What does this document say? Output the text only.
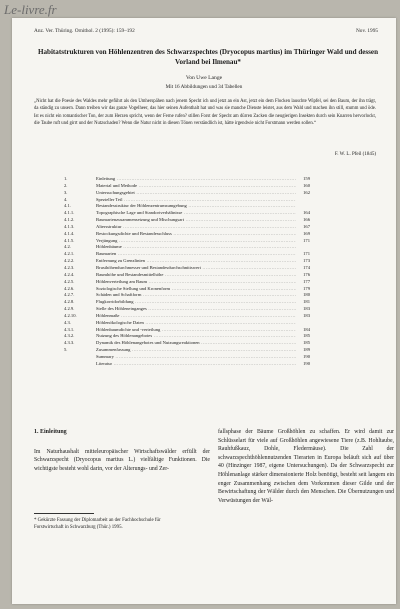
Le-livre.fr
Anz. Ver. Thüring. Ornithol. 2 (1995): 159–192	Nov. 1995
Habitatstrukturen von Höhlenzentren des Schwarzspechtes (Dryocopus martius) im Thüringer Wald und dessen Vorland bei Ilmenau*
Von Uwe Lange
Mit 16 Abbildungen und 34 Tabellen
„Nicht hat die Poesie des Waldes mehr geführt als den Umherspähen nach jenem Specht ich und jetzt an ein Ast, jetzt ein dem Flocken lauschte Wipfel, sei den Baum, der ihn trägt, da ständig zu unsern. Dann treiben wir das ganze Vogelheer, das hier seinen Aufenthalt hat und was sie manche Dienste leistet, aus dem Wald und machen ihn still, stumm und öde. Ist es nicht ein romantischer Ton, der zum Herzen spricht, wenn der Ferne rufen? stillen Forst der Specht am dürren Zacken die neugierigen Insekten durch sein Knarren hervorlockt, die Taube ruft und girrt und der Nutzschaden? Wenn die Natur nicht in diesen Tönen verständlich ist, hätte irgendwie nicht Forstmann werden sollen.“
F. W. L. Pfeil (1845)
1.	Einleitung .....	159
2.	Material und Methode .....	160
3.	Untersuchungsgebiet .....	162
4.	Spezieller Teil .....
4.1.	Bestandesstruktur der Höhlenzentrumsumgebung .....
4.1.1.	Topographische Lage und Standortverhältnisse .....	164
4.1.2.	Baumartenzusammensetzung und Mischungsart .....	166
4.1.3.	Altersstruktur .....	167
4.1.4.	Bestockungsdichte und Bestandesschluss .....	169
4.1.5.	Verjüngung .....	171
4.2.	Höhlenbäume .....
4.2.1.	Baumarten .....	171
4.2.2.	Entfernung zu Grenzlinien .....	173
4.2.3.	Brusthöhendurchmesser und Bestandesdurchschnittswert .....	174
4.2.4.	Baumhöhe und Bestandesmittelhöhe .....	176
4.2.5.	Höhlenverteilung am Baum .....	177
4.2.6.	Soziologische Stellung und Kronenform .....	179
4.2.7.	Schäden und Schaftform .....	180
4.2.8.	Flugkorridorbildung .....	181
4.2.9.	Stelle des Höhleneinganges .....	183
4.2.10.	Höhlenmaße .....	183
4.3.	Höhlenökologische Daten .....
4.3.1.	Höhlenbaumdichte und -verteilung .....	184
4.3.2.	Nutzung des Höhlenangebotes .....	185
4.3.3.	Dynamik des Höhlenangebotes und Nutzungsreaktionen .....	185
5.	Zusammenfassung .....	189
Summary .....	190
Literatur .....	190
1. Einleitung
Im Naturhaushalt mitteleuropäischer Wirtschaftswälder erfüllt der Schwarzspecht (Dryocopus martius L.) vielfältige Funktionen. Die wichtigste besteht wohl darin, vor der Alterungs- und Zer-
* Gekürzte Fassung der Diplomarbeit an der Fachhochschule für Forstwirtschaft in Schwarzburg (Thür.) 1995.
fallsphase der Bäume Großhöhlen zu schaffen. Er wird damit zur Schlüsselart für viele auf Großhöhlen angewiesene Tiere (z.B. Hohltaube, Rauhfußkauz, Dohle, Fledermäuse). Die Zahl der schwarzspechthöhlennutzenden Tierarten in Europa beläuft sich auf über 40 (Hinzinger 1987, eigene Untersuchungen). Da der Schwarzspecht zur Höhlenanlage stärker dimensionierte Holz benötigt, besteht seit langem ein enger Zusammenhang zwischen dem Vorkommen dieser Gilde und der Bewirtschaftung der Wälder durch den Menschen. Die Übernutzungen und Verwüstungen der Wäl-
